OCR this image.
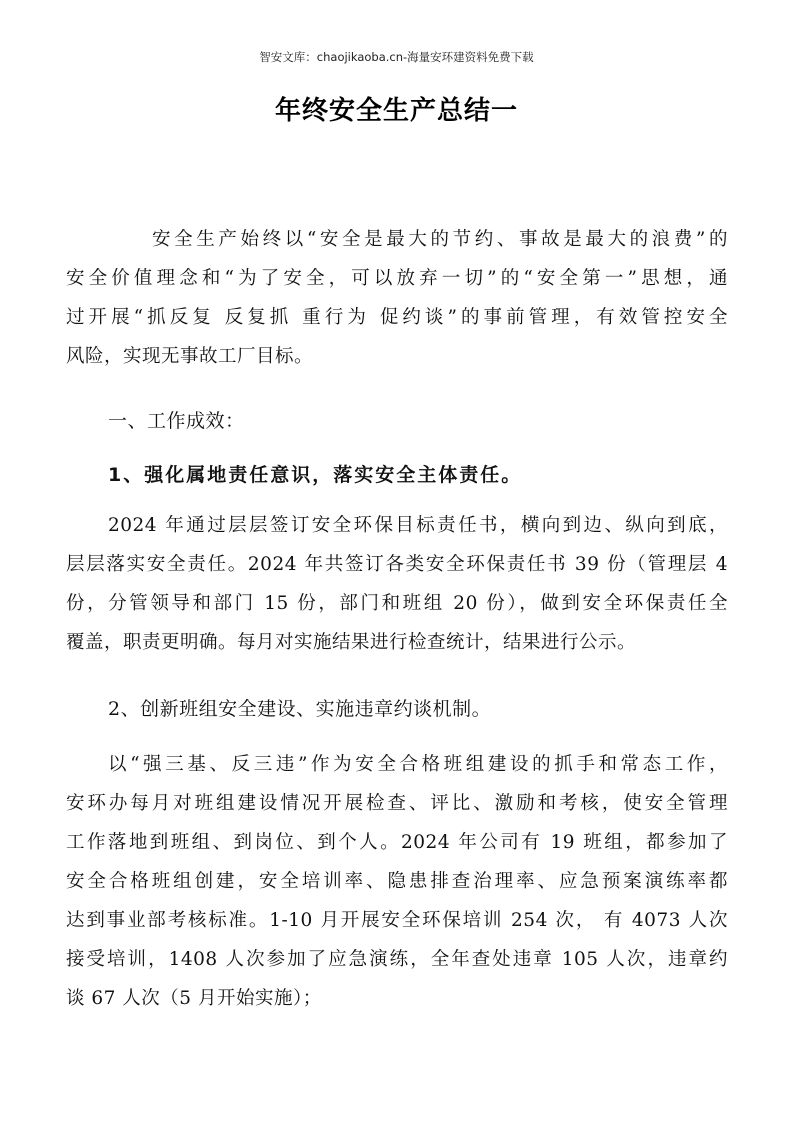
智安文库：chaojikaoba.cn-海量安环建资料免费下载
年终安全生产总结一
安全生产始终以“安全是最大的节约、事故是最大的浪费”的
安全价值理念和“为了安全，可以放弃一切”的“安全第一”思想，通
过开展“抓反复 反复抓 重行为 促约谈”的事前管理，有效管控安全
风险，实现无事故工厂目标。
一、工作成效：
1、强化属地责任意识，落实安全主体责任。
2024 年通过层层签订安全环保目标责任书，横向到边、纵向到底，
层层落实安全责任。2024 年共签订各类安全环保责任书 39 份（管理层 4
份，分管领导和部门 15 份，部门和班组 20 份），做到安全环保责任全
覆盖，职责更明确。每月对实施结果进行检查统计，结果进行公示。
2、创新班组安全建设、实施违章约谈机制。
以“强三基、反三违”作为安全合格班组建设的抓手和常态工作，
安环办每月对班组建设情况开展检查、评比、激励和考核，使安全管理
工作落地到班组、到岗位、到个人。2024 年公司有 19 班组，都参加了
安全合格班组创建，安全培训率、隐患排查治理率、应急预案演练率都
达到事业部考核标准。1-10 月开展安全环保培训 254 次， 有 4073 人次
接受培训，1408 人次参加了应急演练，全年查处违章 105 人次，违章约
谈 67 人次（5 月开始实施）；
